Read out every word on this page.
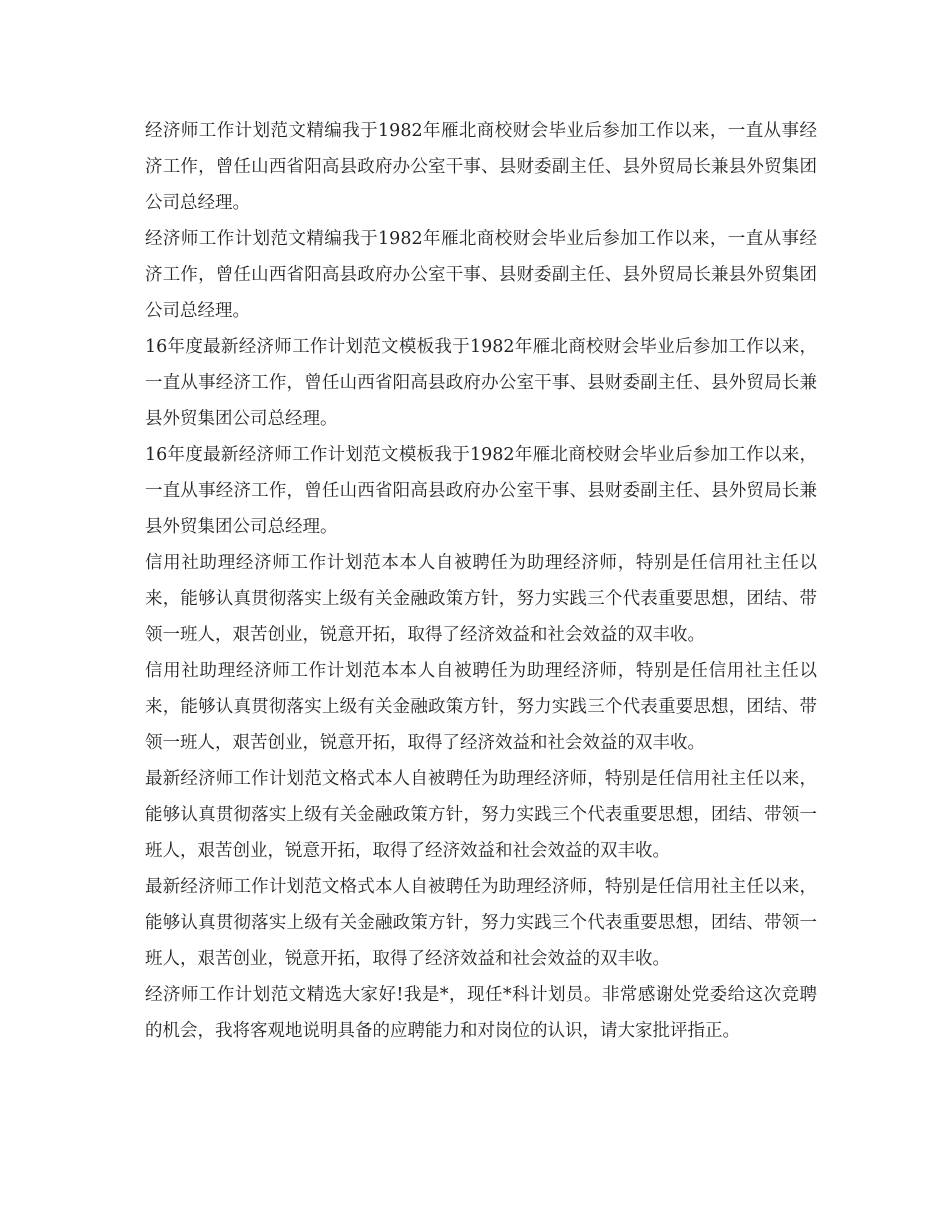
经济师工作计划范文精编我于1982年雁北商校财会毕业后参加工作以来，一直从事经济工作，曾任山西省阳高县政府办公室干事、县财委副主任、县外贸局长兼县外贸集团公司总经理。

经济师工作计划范文精编我于1982年雁北商校财会毕业后参加工作以来，一直从事经济工作，曾任山西省阳高县政府办公室干事、县财委副主任、县外贸局长兼县外贸集团公司总经理。

16年度最新经济师工作计划范文模板我于1982年雁北商校财会毕业后参加工作以来，一直从事经济工作，曾任山西省阳高县政府办公室干事、县财委副主任、县外贸局长兼县外贸集团公司总经理。

16年度最新经济师工作计划范文模板我于1982年雁北商校财会毕业后参加工作以来，一直从事经济工作，曾任山西省阳高县政府办公室干事、县财委副主任、县外贸局长兼县外贸集团公司总经理。

信用社助理经济师工作计划范本本人自被聘任为助理经济师，特别是任信用社主任以来，能够认真贯彻落实上级有关金融政策方针，努力实践三个代表重要思想，团结、带领一班人，艰苦创业，锐意开拓，取得了经济效益和社会效益的双丰收。

信用社助理经济师工作计划范本本人自被聘任为助理经济师，特别是任信用社主任以来，能够认真贯彻落实上级有关金融政策方针，努力实践三个代表重要思想，团结、带领一班人，艰苦创业，锐意开拓，取得了经济效益和社会效益的双丰收。

最新经济师工作计划范文格式本人自被聘任为助理经济师，特别是任信用社主任以来，能够认真贯彻落实上级有关金融政策方针，努力实践三个代表重要思想，团结、带领一班人，艰苦创业，锐意开拓，取得了经济效益和社会效益的双丰收。

最新经济师工作计划范文格式本人自被聘任为助理经济师，特别是任信用社主任以来，能够认真贯彻落实上级有关金融政策方针，努力实践三个代表重要思想，团结、带领一班人，艰苦创业，锐意开拓，取得了经济效益和社会效益的双丰收。

经济师工作计划范文精选大家好!我是*，现任*科计划员。非常感谢处党委给这次竞聘的机会，我将客观地说明具备的应聘能力和对岗位的认识，请大家批评指正。
